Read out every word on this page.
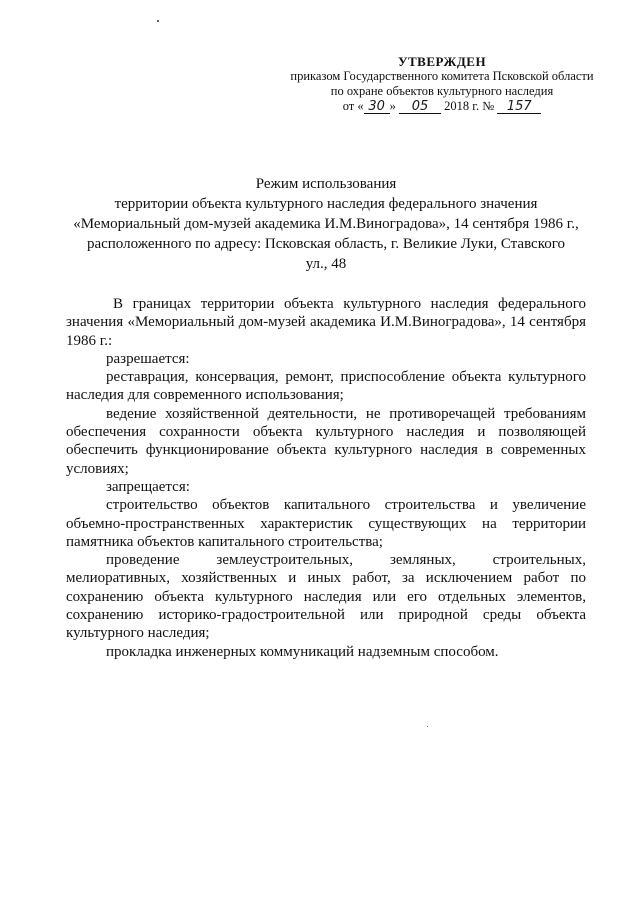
УТВЕРЖДЕН
приказом Государственного комитета Псковской области
по охране объектов культурного наследия
от « 30 » 05 2018 г. № 157
Режим использования
территории объекта культурного наследия федерального значения
«Мемориальный дом-музей академика И.М.Виноградова», 14 сентября 1986 г.,
расположенного по адресу: Псковская область, г. Великие Луки, Ставского
ул., 48

В границах территории объекта культурного наследия федерального значения «Мемориальный дом-музей академика И.М.Виноградова», 14 сентября 1986 г.:

разрешается:

реставрация, консервация, ремонт, приспособление объекта культурного наследия для современного использования;

ведение хозяйственной деятельности, не противоречащей требованиям обеспечения сохранности объекта культурного наследия и позволяющей обеспечить функционирование объекта культурного наследия в современных условиях;

запрещается:

строительство объектов капитального строительства и увеличение объемно-пространственных характеристик существующих на территории памятника объектов капитального строительства;

проведение землеустроительных, земляных, строительных, мелиоративных, хозяйственных и иных работ, за исключением работ по сохранению объекта культурного наследия или его отдельных элементов, сохранению историко-градостроительной или природной среды объекта культурного наследия;

прокладка инженерных коммуникаций надземным способом.
